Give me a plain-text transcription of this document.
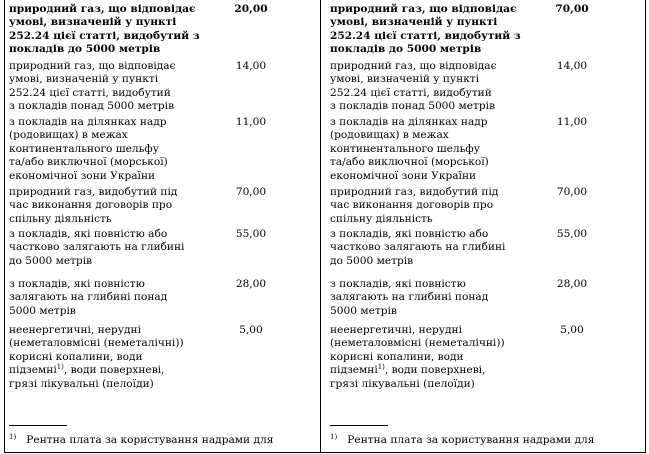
природний газ, що відповідає
умові, визначеній у пункті
252.24 цієї статті, видобутий з
покладів до 5000 метрів
20,00
природний газ, що відповідає
умові, визначеній у пункті
252.24 цієї статті, видобутий
з покладів понад 5000 метрів
14,00
з покладів на ділянках надр
(родовищах) в межах
континентального шельфу
та/або виключної (морської)
економічної зони України
11,00
природний газ, видобутий під
час виконання договорів про
спільну діяльність
70,00
з покладів, які повністю або
частково залягають на глибині
до 5000 метрів
55,00
з покладів, які повністю
залягають на глибині понад
5000 метрів
28,00
неенергетичні, нерудні
(неметаловмісні (неметалічні))
корисні копалини, води
підземні$^{1)}$, води поверхневі,
грязі лікувальні (пелоїди)
5,00
$^{1)}$ Рентна плата за користування надрами для
природний газ, що відповідає
умові, визначеній у пункті
252.24 цієї статті, видобутий з
покладів до 5000 метрів
70,00
природний газ, що відповідає
умові, визначеній у пункті
252.24 цієї статті, видобутий
з покладів понад 5000 метрів
14,00
з покладів на ділянках надр
(родовищах) в межах
континентального шельфу
та/або виключної (морської)
економічної зони України
11,00
природний газ, видобутий під
час виконання договорів про
спільну діяльність
70,00
з покладів, які повністю або
частково залягають на глибині
до 5000 метрів
55,00
з покладів, які повністю
залягають на глибині понад
5000 метрів
28,00
неенергетичні, нерудні
(неметаловмісні (неметалічні))
корисні копалини, води
підземні$^{1)}$, води поверхневі,
грязі лікувальні (пелоїди)
5,00
$^{1)}$ Рентна плата за користування надрами для
